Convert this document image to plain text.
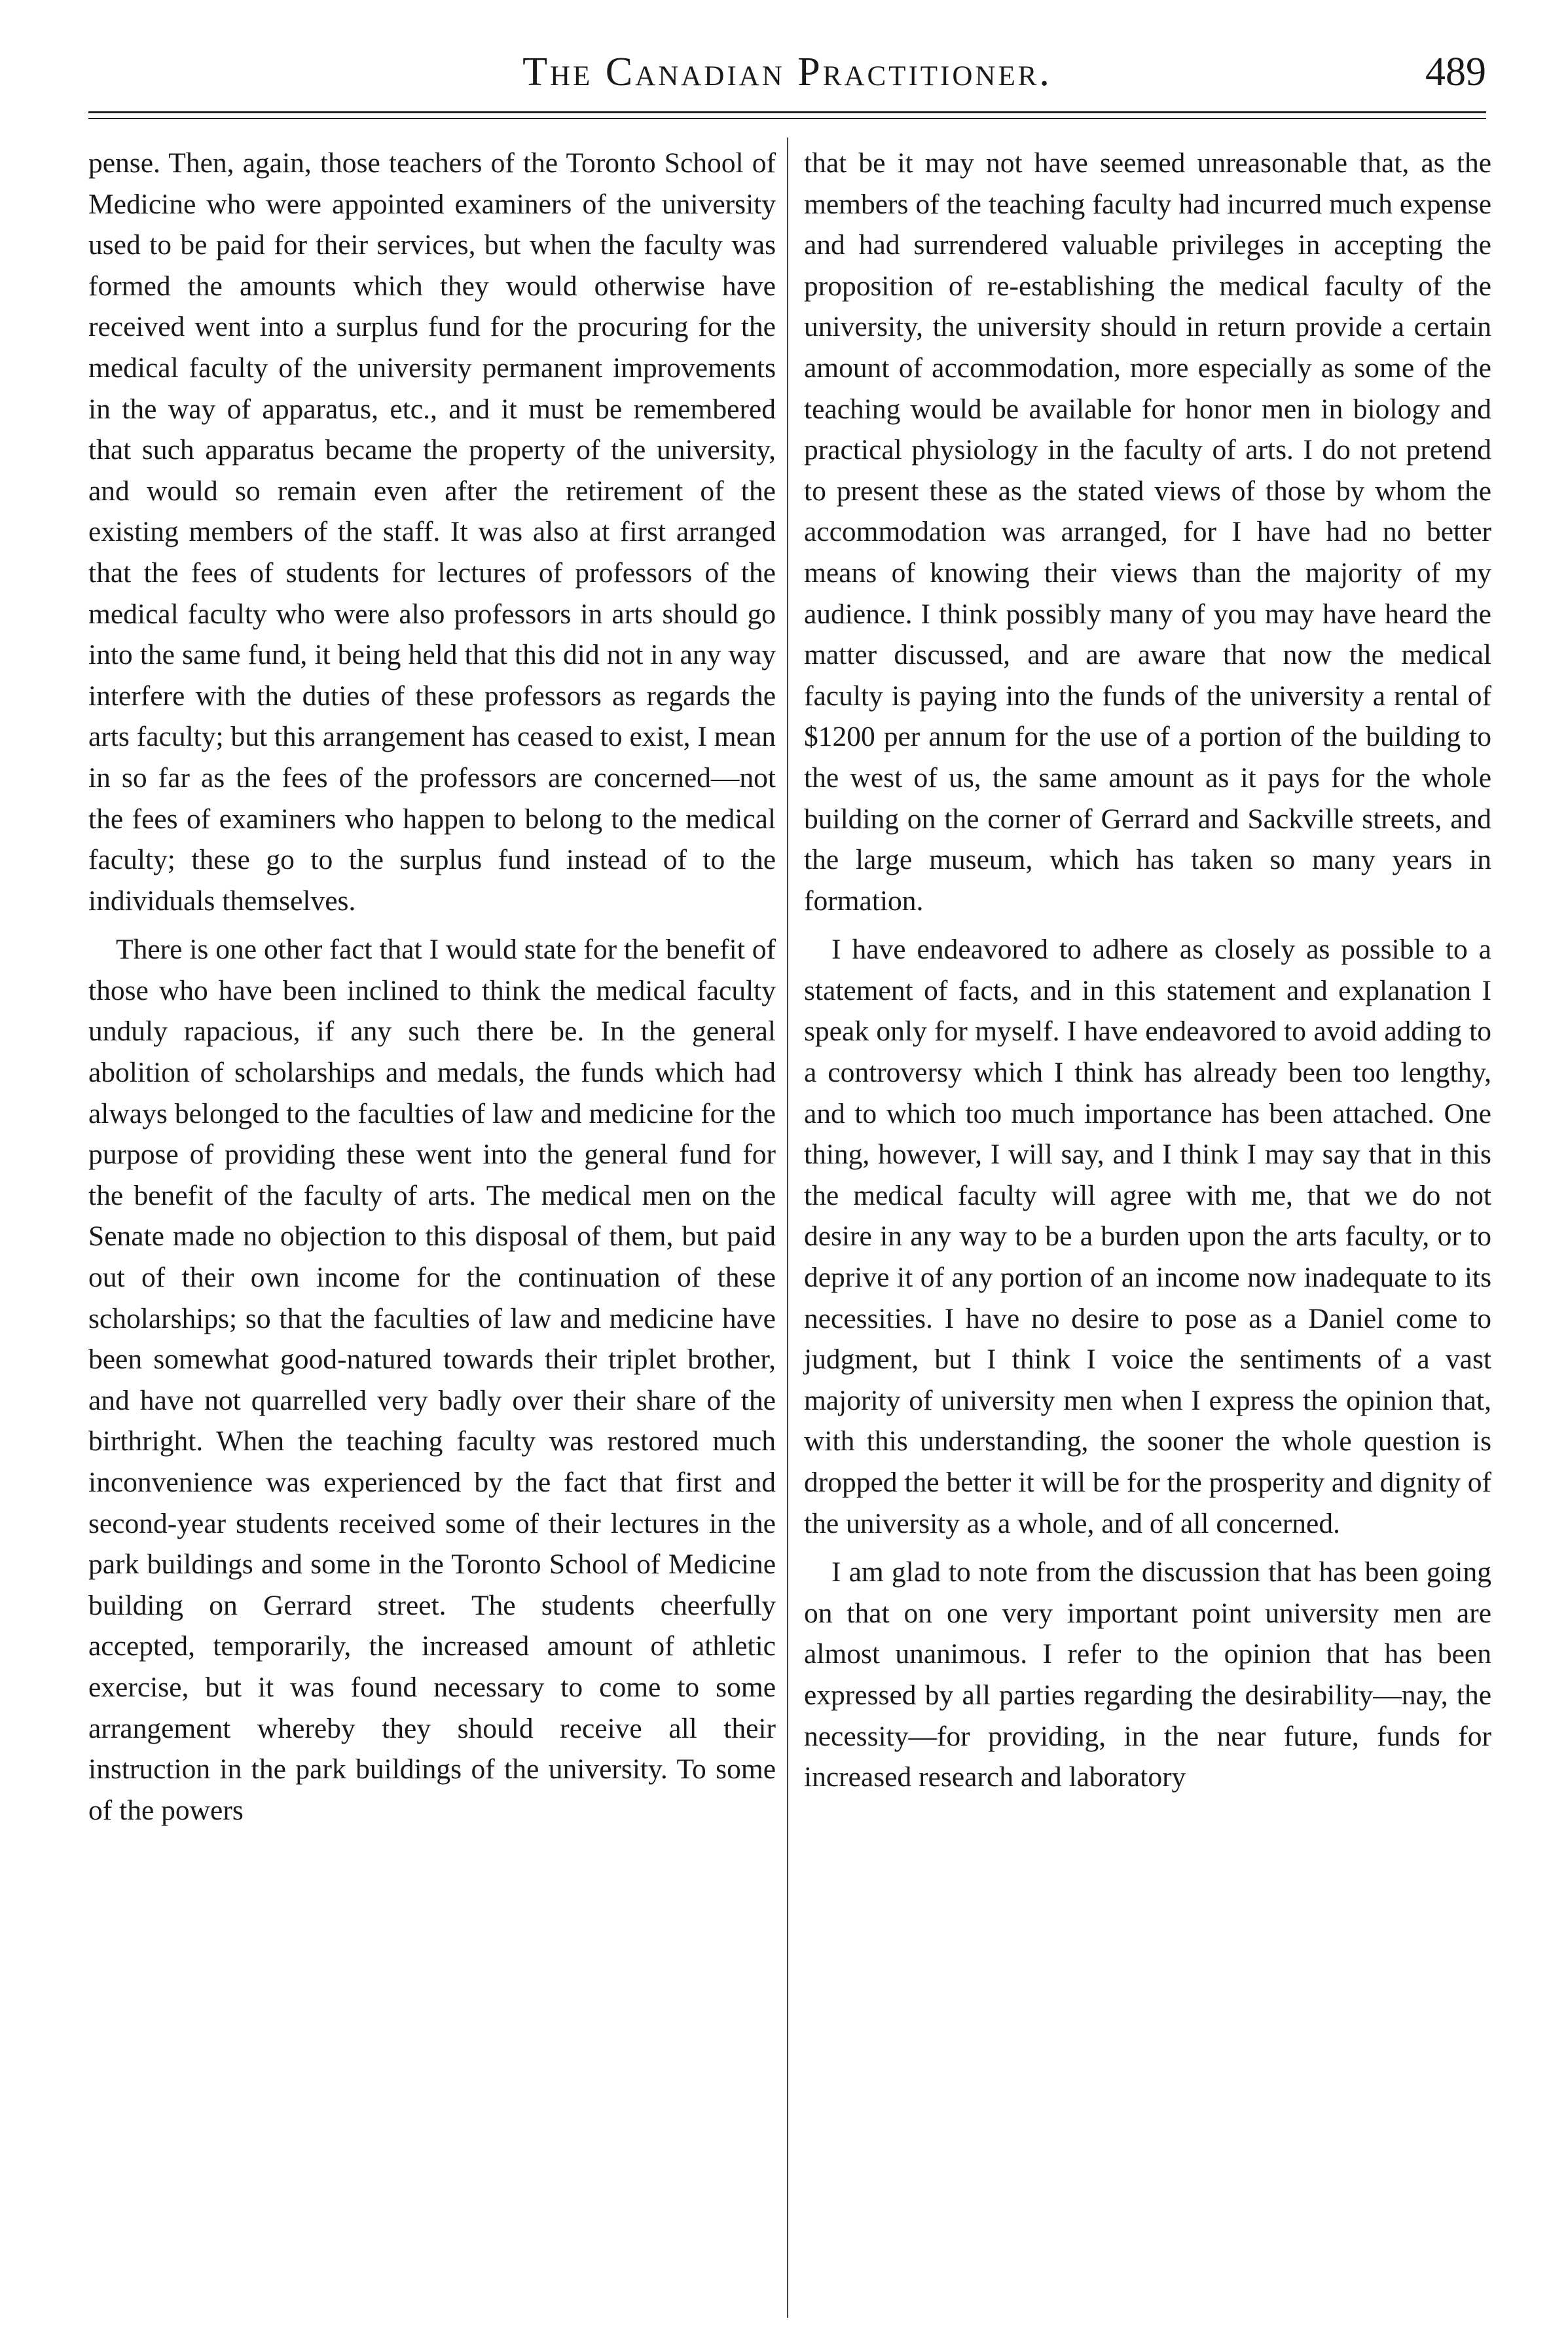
The Canadian Practitioner.	489

pense. Then, again, those teachers of the Toronto School of Medicine who were appointed examiners of the university used to be paid for their services, but when the faculty was formed the amounts which they would otherwise have received went into a surplus fund for the procuring for the medical faculty of the university permanent improvements in the way of apparatus, etc., and it must be remembered that such apparatus became the property of the university, and would so remain even after the retirement of the existing members of the staff. It was also at first arranged that the fees of students for lectures of professors of the medical faculty who were also professors in arts should go into the same fund, it being held that this did not in any way interfere with the duties of these professors as regards the arts faculty; but this arrangement has ceased to exist, I mean in so far as the fees of the professors are concerned—not the fees of examiners who happen to belong to the medical faculty; these go to the surplus fund instead of to the individuals themselves.

There is one other fact that I would state for the benefit of those who have been inclined to think the medical faculty unduly rapacious, if any such there be. In the general abolition of scholarships and medals, the funds which had always belonged to the faculties of law and medicine for the purpose of providing these went into the general fund for the benefit of the faculty of arts. The medical men on the Senate made no objection to this disposal of them, but paid out of their own income for the continuation of these scholarships; so that the faculties of law and medicine have been somewhat good-natured towards their triplet brother, and have not quarrelled very badly over their share of the birthright. When the teaching faculty was restored much inconvenience was experienced by the fact that first and second-year students received some of their lectures in the park buildings and some in the Toronto School of Medicine building on Gerrard street. The students cheerfully accepted, temporarily, the increased amount of athletic exercise, but it was found necessary to come to some arrangement whereby they should receive all their instruction in the park buildings of the university. To some of the powers

that be it may not have seemed unreasonable that, as the members of the teaching faculty had incurred much expense and had surrendered valuable privileges in accepting the proposition of re-establishing the medical faculty of the university, the university should in return provide a certain amount of accommodation, more especially as some of the teaching would be available for honor men in biology and practical physiology in the faculty of arts. I do not pretend to present these as the stated views of those by whom the accommodation was arranged, for I have had no better means of knowing their views than the majority of my audience. I think possibly many of you may have heard the matter discussed, and are aware that now the medical faculty is paying into the funds of the university a rental of $1200 per annum for the use of a portion of the building to the west of us, the same amount as it pays for the whole building on the corner of Gerrard and Sackville streets, and the large museum, which has taken so many years in formation.

I have endeavored to adhere as closely as possible to a statement of facts, and in this statement and explanation I speak only for myself. I have endeavored to avoid adding to a controversy which I think has already been too lengthy, and to which too much importance has been attached. One thing, however, I will say, and I think I may say that in this the medical faculty will agree with me, that we do not desire in any way to be a burden upon the arts faculty, or to deprive it of any portion of an income now inadequate to its necessities. I have no desire to pose as a Daniel come to judgment, but I think I voice the sentiments of a vast majority of university men when I express the opinion that, with this understanding, the sooner the whole question is dropped the better it will be for the prosperity and dignity of the university as a whole, and of all concerned.

I am glad to note from the discussion that has been going on that on one very important point university men are almost unanimous. I refer to the opinion that has been expressed by all parties regarding the desirability—nay, the necessity—for providing, in the near future, funds for increased research and laboratory
